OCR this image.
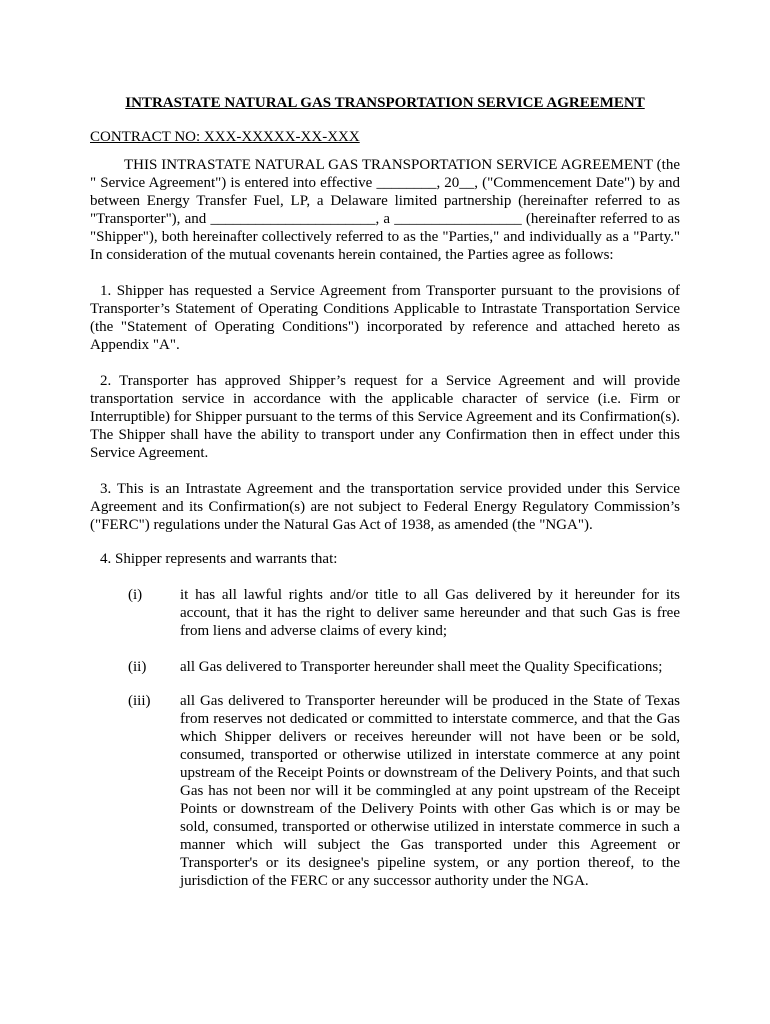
INTRASTATE NATURAL GAS TRANSPORTATION SERVICE AGREEMENT
CONTRACT NO: XXX-XXXXX-XX-XXX
THIS INTRASTATE NATURAL GAS TRANSPORTATION SERVICE AGREEMENT (the " Service Agreement") is entered into effective ________, 20__, ("Commencement Date") by and between Energy Transfer Fuel, LP, a Delaware limited partnership (hereinafter referred to as "Transporter"), and ______________________, a _________________ (hereinafter referred to as "Shipper"), both hereinafter collectively referred to as the "Parties," and individually as a "Party." In consideration of the mutual covenants herein contained, the Parties agree as follows:
1. Shipper has requested a Service Agreement from Transporter pursuant to the provisions of Transporter’s Statement of Operating Conditions Applicable to Intrastate Transportation Service (the "Statement of Operating Conditions") incorporated by reference and attached hereto as Appendix "A".
2. Transporter has approved Shipper’s request for a Service Agreement and will provide transportation service in accordance with the applicable character of service (i.e. Firm or Interruptible) for Shipper pursuant to the terms of this Service Agreement and its Confirmation(s). The Shipper shall have the ability to transport under any Confirmation then in effect under this Service Agreement.
3. This is an Intrastate Agreement and the transportation service provided under this Service Agreement and its Confirmation(s) are not subject to Federal Energy Regulatory Commission’s ("FERC") regulations under the Natural Gas Act of 1938, as amended (the "NGA").
4. Shipper represents and warrants that:
(i)	it has all lawful rights and/or title to all Gas delivered by it hereunder for its account, that it has the right to deliver same hereunder and that such Gas is free from liens and adverse claims of every kind;
(ii) all Gas delivered to Transporter hereunder shall meet the Quality Specifications;
(iii) all Gas delivered to Transporter hereunder will be produced in the State of Texas from reserves not dedicated or committed to interstate commerce, and that the Gas which Shipper delivers or receives hereunder will not have been or be sold, consumed, transported or otherwise utilized in interstate commerce at any point upstream of the Receipt Points or downstream of the Delivery Points, and that such Gas has not been nor will it be commingled at any point upstream of the Receipt Points or downstream of the Delivery Points with other Gas which is or may be sold, consumed, transported or otherwise utilized in interstate commerce in such a manner which will subject the Gas transported under this Agreement or Transporter's or its designee's pipeline system, or any portion thereof, to the jurisdiction of the FERC or any successor authority under the NGA.
